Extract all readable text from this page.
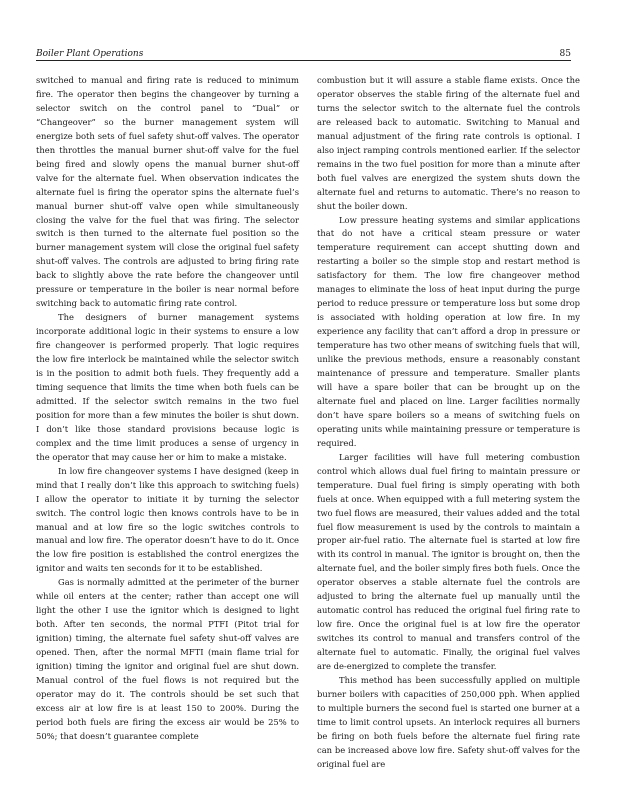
Boiler Plant Operations	85

switched to manual and firing rate is reduced to minimum fire. The operator then begins the changeover by turning a selector switch on the control panel to “Dual” or “Changeover” so the burner management system will energize both sets of fuel safety shut-off valves. The operator then throttles the manual burner shut-off valve for the fuel being fired and slowly opens the manual burner shut-off valve for the alternate fuel. When observation indicates the alternate fuel is firing the operator spins the alternate fuel’s manual burner shut-off valve open while simultaneously closing the valve for the fuel that was firing. The selector switch is then turned to the alternate fuel position so the burner management system will close the original fuel safety shut-off valves. The controls are adjusted to bring firing rate back to slightly above the rate before the changeover until pressure or temperature in the boiler is near normal before switching back to automatic firing rate control.

The designers of burner management systems incorporate additional logic in their systems to ensure a low fire changeover is performed properly. That logic requires the low fire interlock be maintained while the selector switch is in the position to admit both fuels. They frequently add a timing sequence that limits the time when both fuels can be admitted. If the selector switch remains in the two fuel position for more than a few minutes the boiler is shut down. I don’t like those standard provisions because logic is complex and the time limit produces a sense of urgency in the operator that may cause her or him to make a mistake.

In low fire changeover systems I have designed (keep in mind that I really don’t like this approach to switching fuels) I allow the operator to initiate it by turning the selector switch. The control logic then knows controls have to be in manual and at low fire so the logic switches controls to manual and low fire. The operator doesn’t have to do it. Once the low fire position is established the control energizes the ignitor and waits ten seconds for it to be established.

Gas is normally admitted at the perimeter of the burner while oil enters at the center; rather than accept one will light the other I use the ignitor which is designed to light both. After ten seconds, the normal PTFI (Pitot trial for ignition) timing, the alternate fuel safety shut-off valves are opened. Then, after the normal MFTI (main flame trial for ignition) timing the ignitor and original fuel are shut down. Manual control of the fuel flows is not required but the operator may do it. The controls should be set such that excess air at low fire is at least 150 to 200%. During the period both fuels are firing the excess air would be 25% to 50%; that doesn’t guarantee complete

combustion but it will assure a stable flame exists. Once the operator observes the stable firing of the alternate fuel and turns the selector switch to the alternate fuel the controls are released back to automatic. Switching to Manual and manual adjustment of the firing rate controls is optional. I also inject ramping controls mentioned earlier. If the selector remains in the two fuel position for more than a minute after both fuel valves are energized the system shuts down the alternate fuel and returns to automatic. There’s no reason to shut the boiler down.

Low pressure heating systems and similar applications that do not have a critical steam pressure or water temperature requirement can accept shutting down and restarting a boiler so the simple stop and restart method is satisfactory for them. The low fire changeover method manages to eliminate the loss of heat input during the purge period to reduce pressure or temperature loss but some drop is associated with holding operation at low fire. In my experience any facility that can’t afford a drop in pressure or temperature has two other means of switching fuels that will, unlike the previous methods, ensure a reasonably constant maintenance of pressure and temperature. Smaller plants will have a spare boiler that can be brought up on the alternate fuel and placed on line. Larger facilities normally don’t have spare boilers so a means of switching fuels on operating units while maintaining pressure or temperature is required.

Larger facilities will have full metering combustion control which allows dual fuel firing to maintain pressure or temperature. Dual fuel firing is simply operating with both fuels at once. When equipped with a full metering system the two fuel flows are measured, their values added and the total fuel flow measurement is used by the controls to maintain a proper air-fuel ratio. The alternate fuel is started at low fire with its control in manual. The ignitor is brought on, then the alternate fuel, and the boiler simply fires both fuels. Once the operator observes a stable alternate fuel the controls are adjusted to bring the alternate fuel up manually until the automatic control has reduced the original fuel firing rate to low fire. Once the original fuel is at low fire the operator switches its control to manual and transfers control of the alternate fuel to automatic. Finally, the original fuel valves are de-energized to complete the transfer.

This method has been successfully applied on multiple burner boilers with capacities of 250,000 pph. When applied to multiple burners the second fuel is started one burner at a time to limit control upsets. An interlock requires all burners be firing on both fuels before the alternate fuel firing rate can be increased above low fire. Safety shut-off valves for the original fuel are
